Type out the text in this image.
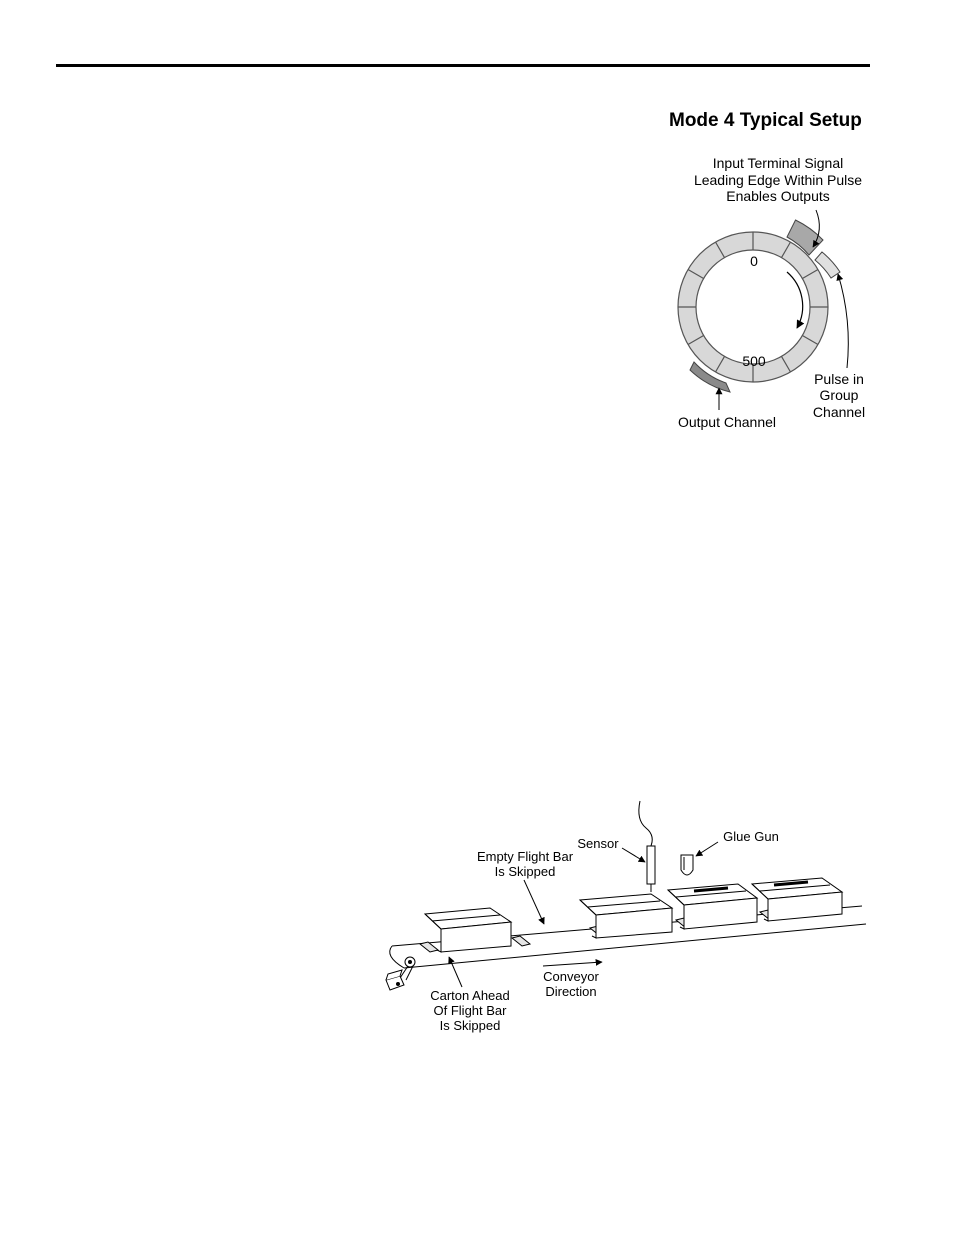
Mode 4 Typical Setup
Input Terminal Signal
Leading Edge Within Pulse
Enables Outputs
0
500
Pulse in
Group
Channel
Output Channel
Sensor	Glue Gun
Empty Flight Bar
Is Skipped
Conveyor
Direction
Carton Ahead
Of Flight Bar
Is Skipped
